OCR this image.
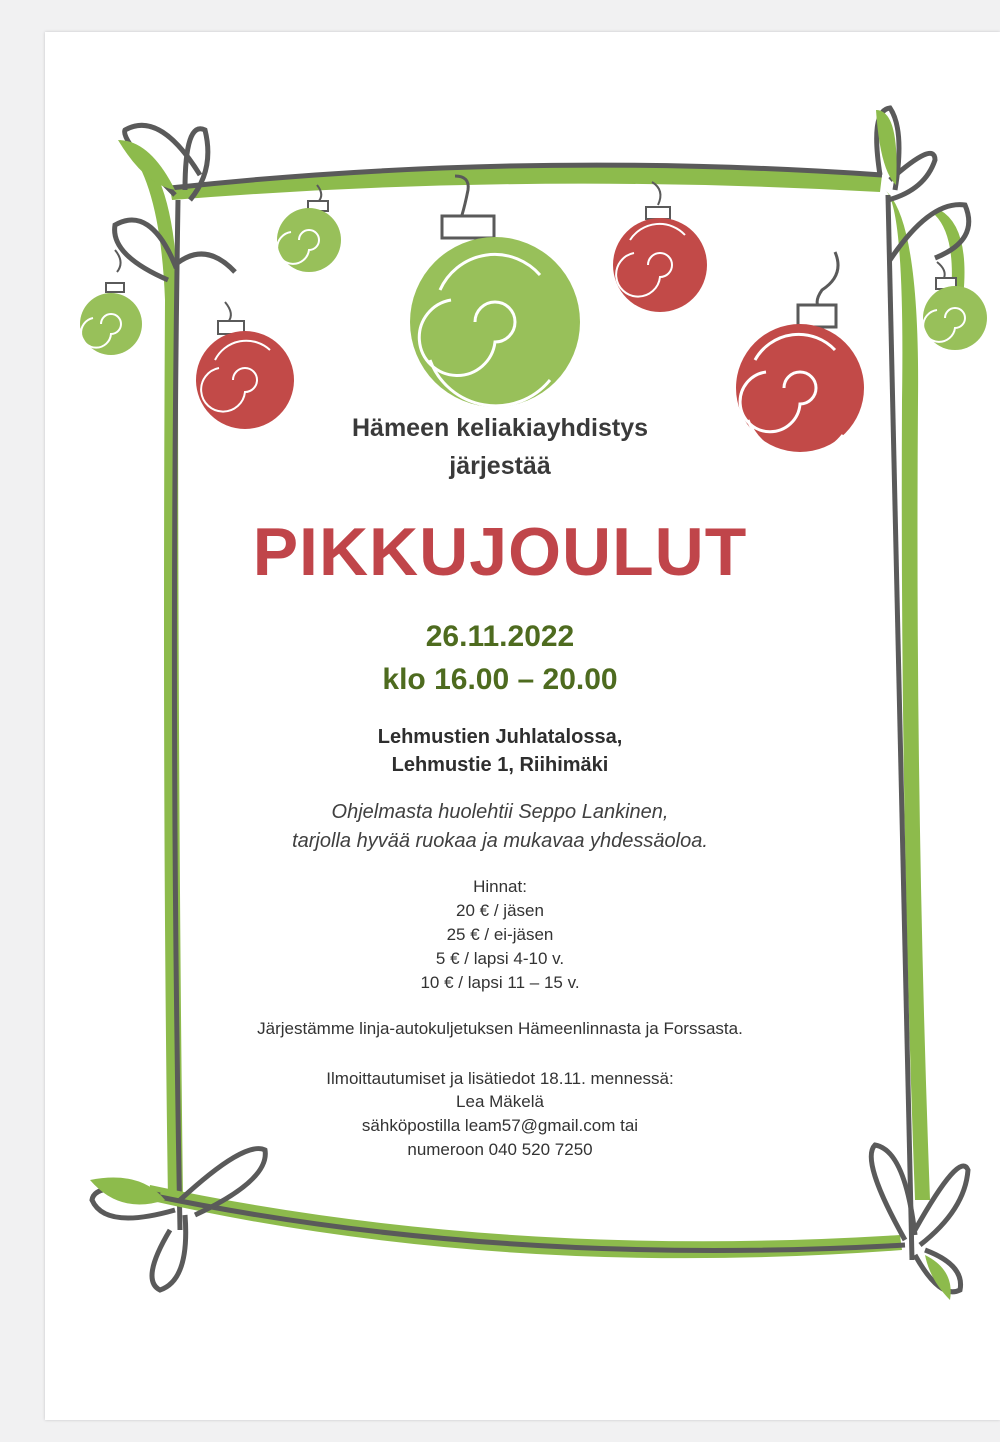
Hämeen keliakiayhdistys
järjestää
PIKKUJOULUT
26.11.2022
klo 16.00 – 20.00
Lehmustien Juhlatalossa,
Lehmustie 1, Riihimäki
Ohjelmasta huolehtii Seppo Lankinen,
tarjolla hyvää ruokaa ja mukavaa yhdessäoloa.
Hinnat:
20 € / jäsen
25 € / ei-jäsen
5 € / lapsi 4-10 v.
10 € / lapsi 11 – 15 v.
Järjestämme linja-autokuljetuksen Hämeenlinnasta ja Forssasta.
Ilmoittautumiset ja lisätiedot 18.11. mennessä:
Lea Mäkelä
sähköpostilla leam57@gmail.com tai
numeroon 040 520 7250
